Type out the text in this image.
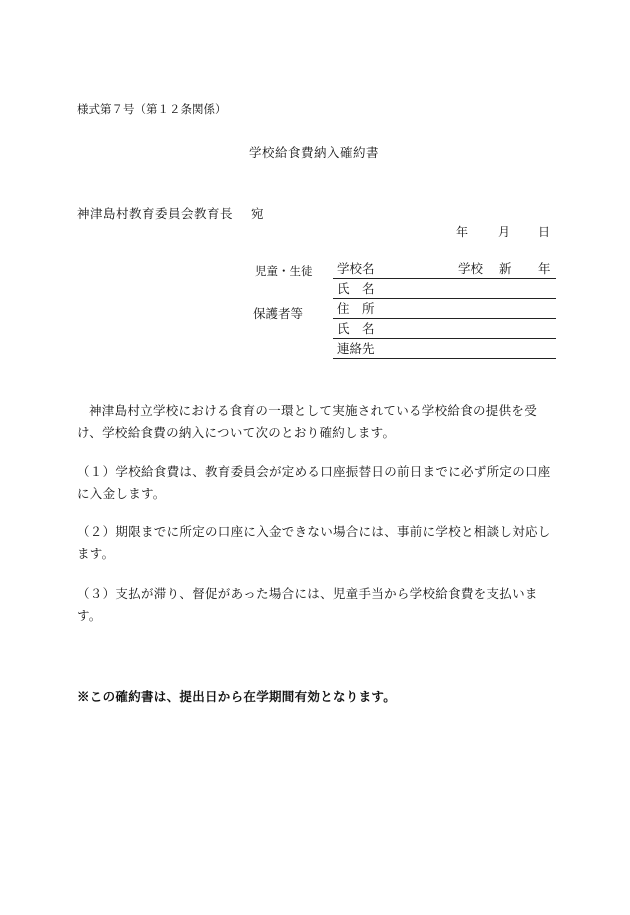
様式第７号（第１２条関係）
学校給食費納入確約書
神津島村教育委員会教育長 宛
年 月 日
児童・生徒
保護者等
学校名	学校 新 年
氏　名
住　所
氏　名
連絡先
神津島村立学校における食育の一環として実施されている学校給食の提供を受け、学校給食費の納入について次のとおり確約します。
（１）学校給食費は、教育委員会が定める口座振替日の前日までに必ず所定の口座に入金します。
（２）期限までに所定の口座に入金できない場合には、事前に学校と相談し対応します。
（３）支払が滞り、督促があった場合には、児童手当から学校給食費を支払います。
※この確約書は、提出日から在学期間有効となります。
